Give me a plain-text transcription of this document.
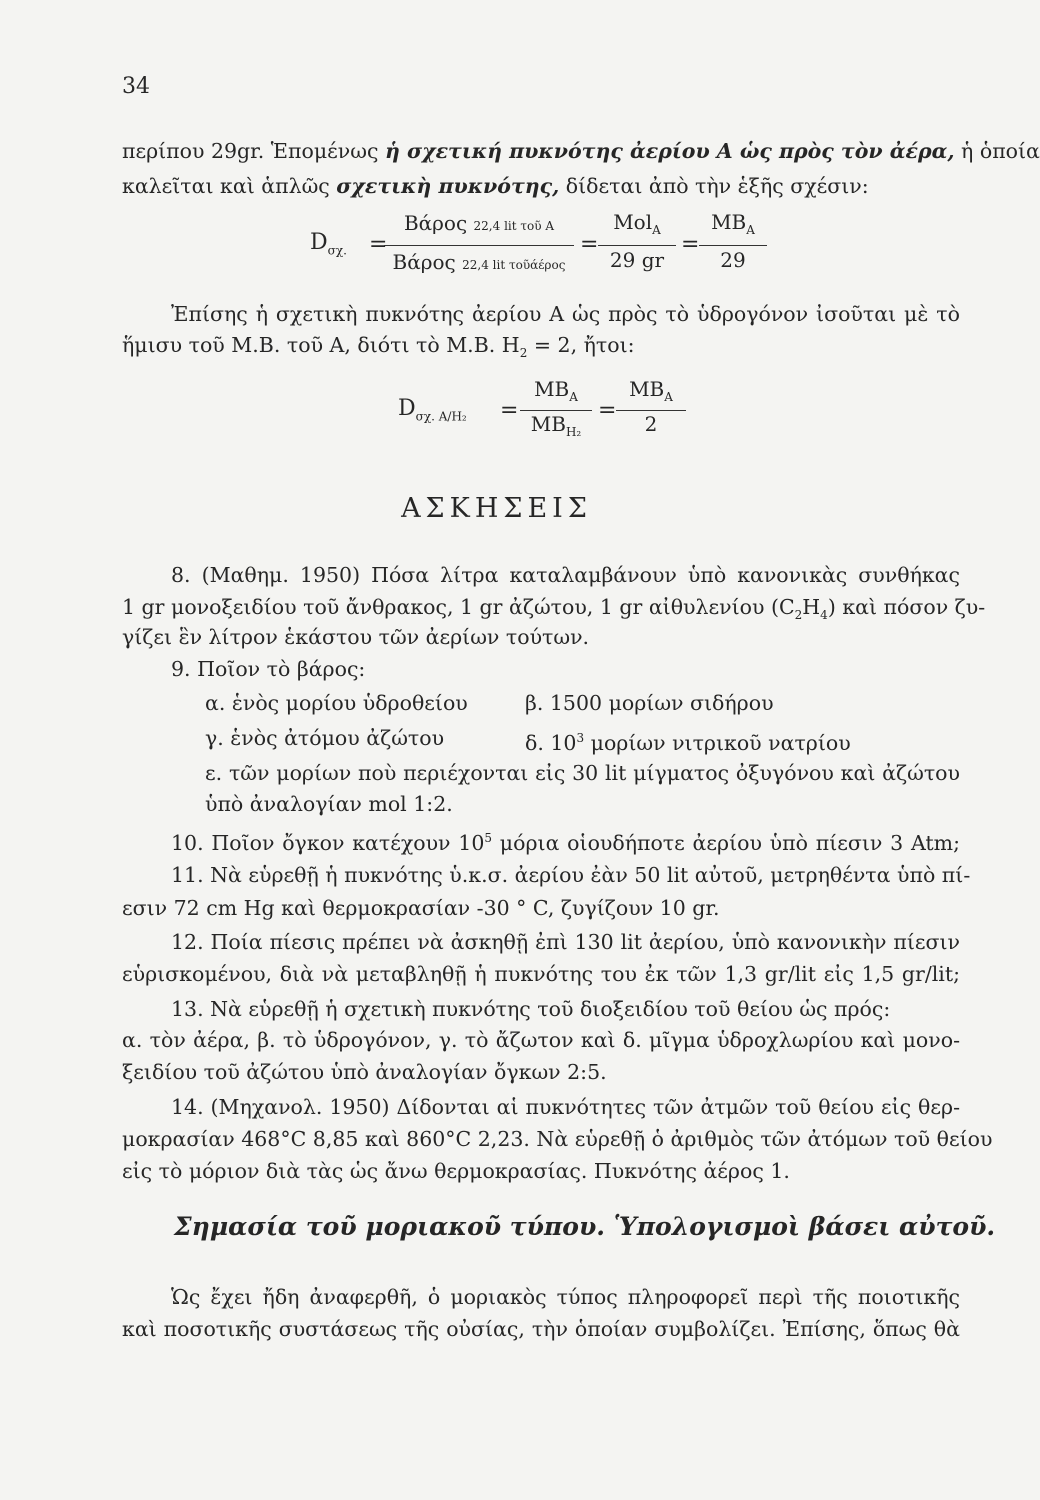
34
περίπου 29gr. Ἑπομένως ἡ σχετική πυκνότης ἀερίου Α ὡς πρὸς τὸν ἀέρα, ἡ ὁποία
καλεῖται καὶ ἁπλῶς σχετικὴ πυκνότης, δίδεται ἀπὸ τὴν ἑξῆς σχέσιν:
$D_{\sigma\chi.}$ =
Βάρος 22,4 lit τοῦ Α
Βάρος 22,4 lit τοῦάέρος
=
Mol$_A$
29 gr
=
$MB_A$
29
Ἐπίσης ἡ σχετικὴ πυκνότης ἀερίου Α ὡς πρὸς τὸ ὑδρογόνον ἰσοῦται μὲ τὸ
ἥμισυ τοῦ Μ.Β. τοῦ Α, διότι τὸ Μ.Β. $H_2 = 2$, ἤτοι:
$D_{\sigma\chi. A/H_2}$ =
$MB_A$
$MB_{H_2}$
=
$MB_A$
2
ΑΣΚΗΣΕΙΣ
8. (Μαθημ. 1950) Πόσα λίτρα καταλαμβάνουν ὑπὸ κανονικὰς συνθήκας
1 gr μονοξειδίου τοῦ ἄνθρακος, 1 gr ἀζώτου, 1 gr αἰθυλενίου $(C_2H_4)$ καὶ πόσον ζυ-
γίζει ἓν λίτρον ἑκάστου τῶν ἀερίων τούτων.
9. Ποῖον τὸ βάρος:
α. ἑνὸς μορίου ὑδροθείου	β. 1500 μορίων σιδήρου
γ. ἑνὸς ἀτόμου ἀζώτου	δ. $10^3$ μορίων νιτρικοῦ νατρίου
ε. τῶν μορίων ποὺ περιέχονται εἰς 30 lit μίγματος ὀξυγόνου καὶ ἀζώτου
ὑπὸ ἀναλογίαν mol 1:2.
10. Ποῖον ὄγκον κατέχουν $10^5$ μόρια οἱουδήποτε ἀερίου ὑπὸ πίεσιν 3 Atm;
11. Νὰ εὑρεθῇ ἡ πυκνότης ὑ.κ.σ. ἀερίου ἐὰν 50 lit αὐτοῦ, μετρηθέντα ὑπὸ πί-
εσιν 72 cm Hg καὶ θερμοκρασίαν -30 ° C, ζυγίζουν 10 gr.
12. Ποία πίεσις πρέπει νὰ ἀσκηθῇ ἐπὶ 130 lit ἀερίου, ὑπὸ κανονικὴν πίεσιν
εὑρισκομένου, διὰ νὰ μεταβληθῇ ἡ πυκνότης του ἐκ τῶν 1,3 gr/lit εἰς 1,5 gr/lit;
13. Νὰ εὑρεθῇ ἡ σχετικὴ πυκνότης τοῦ διοξειδίου τοῦ θείου ὡς πρός:
α. τὸν ἀέρα, β. τὸ ὑδρογόνον, γ. τὸ ἄζωτον καὶ δ. μῖγμα ὑδροχλωρίου καὶ μονο-
ξειδίου τοῦ ἀζώτου ὑπὸ ἀναλογίαν ὄγκων 2:5.
14. (Μηχανολ. 1950) Δίδονται αἱ πυκνότητες τῶν ἀτμῶν τοῦ θείου εἰς θερ-
μοκρασίαν 468°C 8,85 καὶ 860°C 2,23. Νὰ εὑρεθῇ ὁ ἀριθμὸς τῶν ἀτόμων τοῦ θείου
εἰς τὸ μόριον διὰ τὰς ὡς ἄνω θερμοκρασίας. Πυκνότης ἀέρος 1.
Σημασία τοῦ μοριακοῦ τύπου. Ὑπολογισμοὶ βάσει αὐτοῦ.
Ὡς ἔχει ἤδη ἀναφερθῆ, ὁ μοριακὸς τύπος πληροφορεῖ περὶ τῆς ποιοτικῆς
καὶ ποσοτικῆς συστάσεως τῆς οὐσίας, τὴν ὁποίαν συμβολίζει. Ἐπίσης, ὅπως θὰ
